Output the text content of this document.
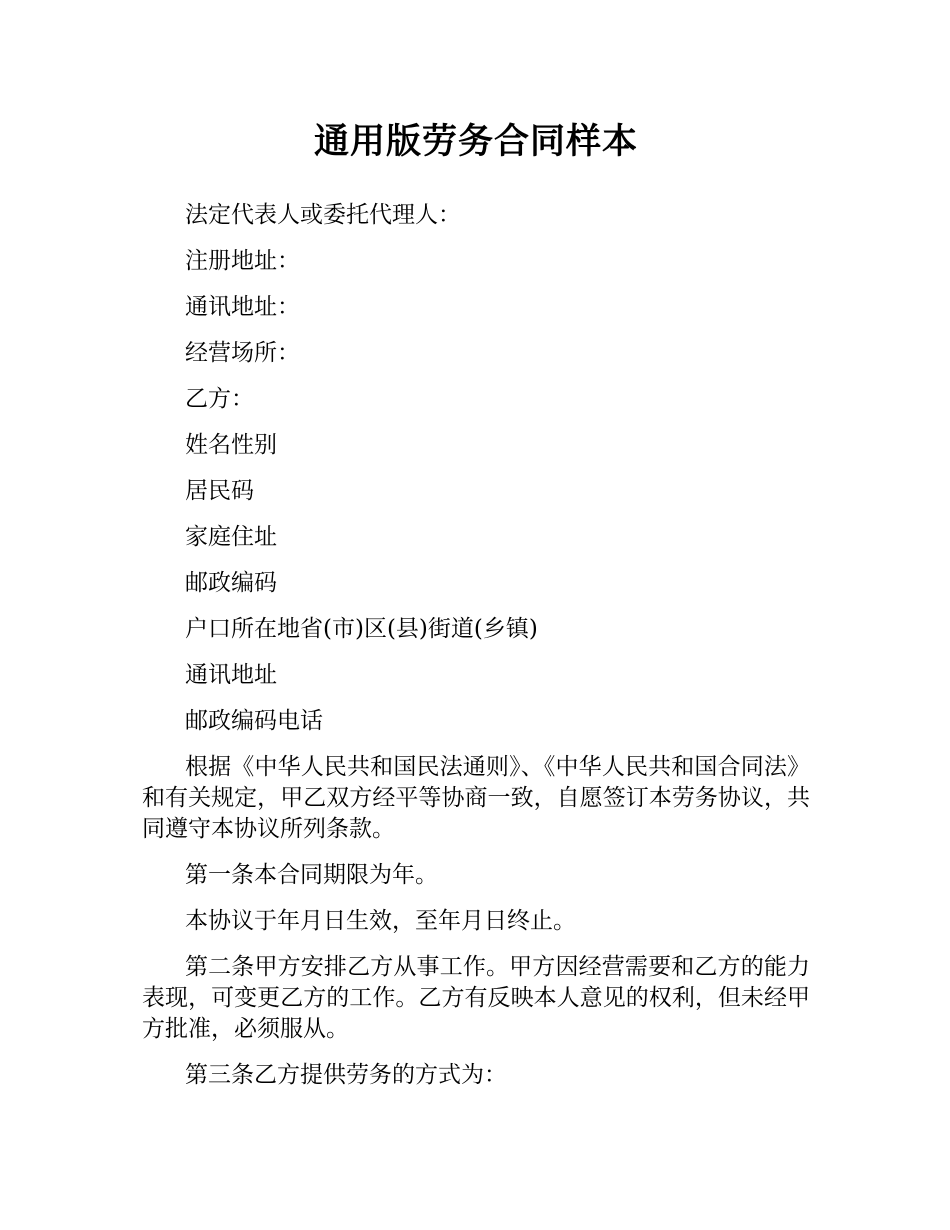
通用版劳务合同样本

法定代表人或委托代理人：

注册地址：

通讯地址：

经营场所：

乙方：

姓名性别

居民码

家庭住址

邮政编码

户口所在地省(市)区(县)街道(乡镇)

通讯地址

邮政编码电话

根据《中华人民共和国民法通则》、《中华人民共和国合同法》和有关规定，甲乙双方经平等协商一致，自愿签订本劳务协议，共同遵守本协议所列条款。

第一条本合同期限为年。

本协议于年月日生效，至年月日终止。

第二条甲方安排乙方从事工作。甲方因经营需要和乙方的能力表现，可变更乙方的工作。乙方有反映本人意见的权利，但未经甲方批准，必须服从。

第三条乙方提供劳务的方式为：
